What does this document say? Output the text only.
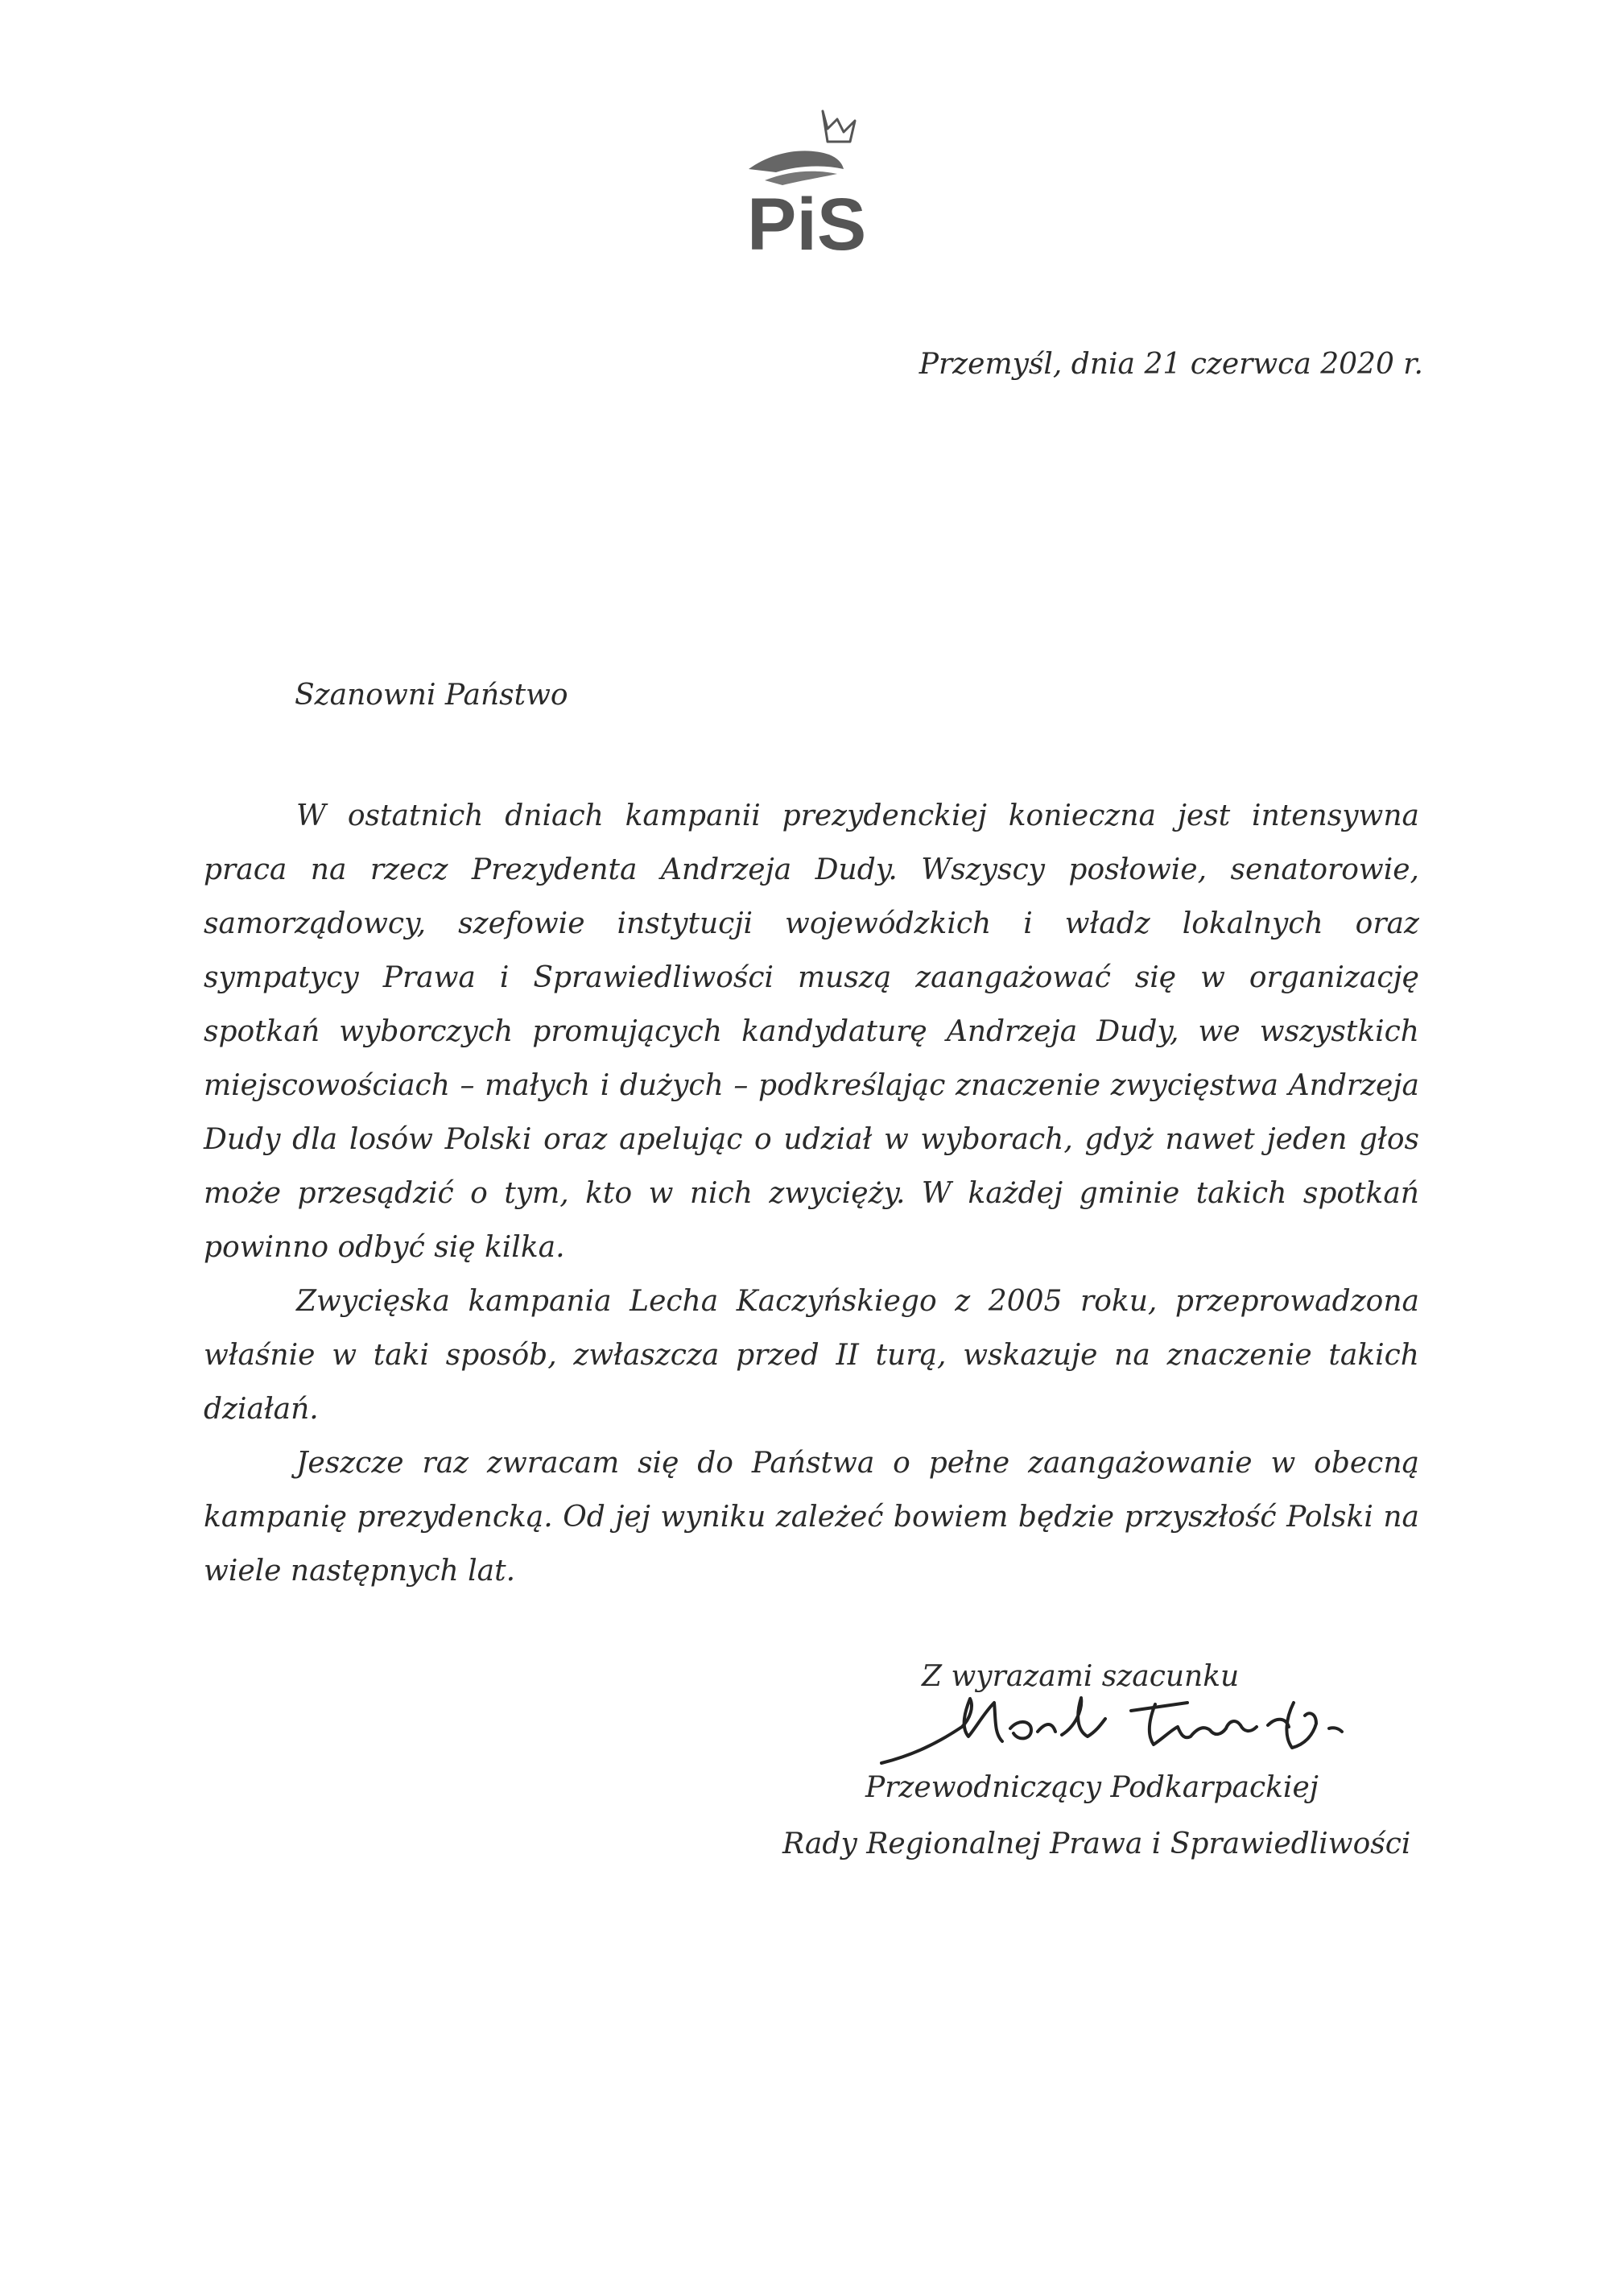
PiS
Przemyśl, dnia 21 czerwca 2020 r.
Szanowni Państwo

W ostatnich dniach kampanii prezydenckiej konieczna jest intensywna praca na rzecz Prezydenta Andrzeja Dudy. Wszyscy posłowie, senatorowie, samorządowcy, szefowie instytucji wojewódzkich i władz lokalnych oraz sympatycy Prawa i Sprawiedliwości muszą zaangażować się w organizację spotkań wyborczych promujących kandydaturę Andrzeja Dudy, we wszystkich miejscowościach – małych i dużych – podkreślając znaczenie zwycięstwa Andrzeja Dudy dla losów Polski oraz apelując o udział w wyborach, gdyż nawet jeden głos może przesądzić o tym, kto w nich zwycięży. W każdej gminie takich spotkań powinno odbyć się kilka.

Zwycięska kampania Lecha Kaczyńskiego z 2005 roku, przeprowadzona właśnie w taki sposób, zwłaszcza przed II turą, wskazuje na znaczenie takich działań.

Jeszcze raz zwracam się do Państwa o pełne zaangażowanie w obecną kampanię prezydencką. Od jej wyniku zależeć bowiem będzie przyszłość Polski na wiele następnych lat.

Z wyrazami szacunku
Przewodniczący Podkarpackiej
Rady Regionalnej Prawa i Sprawiedliwości
